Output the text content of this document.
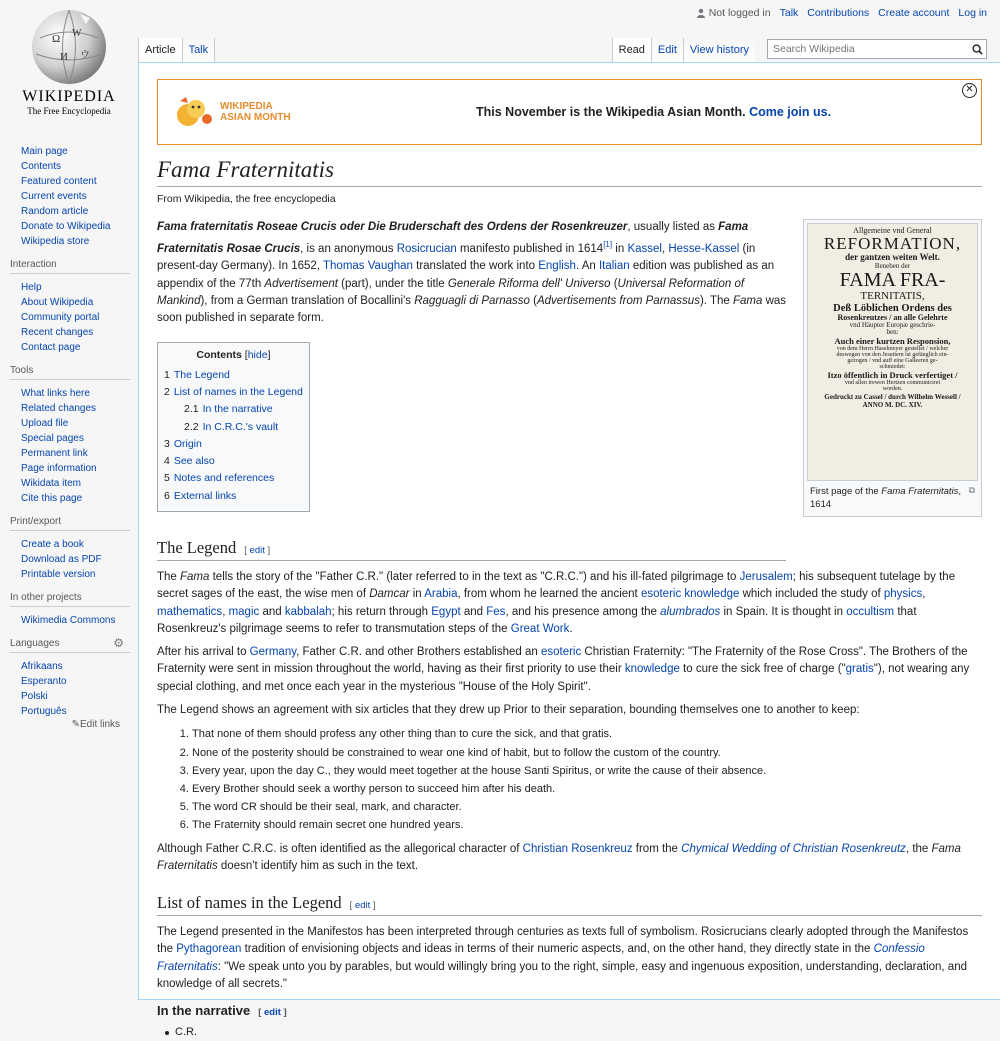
Not logged in Talk Contributions Create account Log in
Ω W
И ウ
WIKIPEDIA
The Free Encyclopedia
Main page
Contents
Featured content
Current events
Random article
Donate to Wikipedia
Wikipedia store
Interaction
Help
About Wikipedia
Community portal
Recent changes
Contact page
Tools
What links here
Related changes
Upload file
Special pages
Permanent link
Page information
Wikidata item
Cite this page
Print/export
Create a book
Download as PDF
Printable version
In other projects
Wikimedia Commons
Languages	⚙
Afrikaans
Esperanto
Polski
Português
✎Edit links
Article	Talk	Read	Edit	View history
Search Wikipedia
WIKIPEDIA
ASIAN MONTH	This November is the Wikipedia Asian Month. Come join us.
✕
Fama Fraternitatis
From Wikipedia, the free encyclopedia
Allgemeine vnd General
REFORMATION,
der gantzen weiten Welt.
Beneben der
FAMA FRA-
TERNITATIS,
Deß Löblichen Ordens des
Rosenkreutzes / an alle Gelehrte
vnd Häupter Europæ geschrie-
ben:
Auch einer kurtzen Responsion,
von dem Herrn Haselmeyer gestellet / welcher
deswegen von den Jesuitern ist gefänglich ein-
gezogen / vnd auff eine Galleeren ge-
schmiedet:
Itzo öffentlich in Druck verfertiget /
vnd allen trewen Hertzen communiciret
worden.
Gedruckt zu Cassel / durch Wilhelm Wessell /
ANNO M. DC. XIV.
First page of the Fama Fraternitatis, 1614
⧉

Fama fraternitatis Roseae Crucis oder Die Bruderschaft des Ordens der Rosenkreuzer, usually listed as Fama Fraternitatis Rosae Crucis, is an anonymous Rosicrucian manifesto published in 1614[1] in Kassel, Hesse-Kassel (in present-day Germany). In 1652, Thomas Vaughan translated the work into English. An Italian edition was published as an appendix of the 77th Advertisement (part), under the title Generale Riforma dell' Universo (Universal Reformation of Mankind), from a German translation of Bocallini's Ragguagli di Parnasso (Advertisements from Parnassus). The Fama was soon published in separate form.

Contents [hide]
1 The Legend
2 List of names in the Legend
2.1 In the narrative
2.2 In C.R.C.'s vault
3 Origin
4 See also
5 Notes and references
6 External links
The Legend [ edit ]

The Fama tells the story of the "Father C.R." (later referred to in the text as "C.R.C.") and his ill-fated pilgrimage to Jerusalem; his subsequent tutelage by the secret sages of the east, the wise men of Damcar in Arabia, from whom he learned the ancient esoteric knowledge which included the study of physics, mathematics, magic and kabbalah; his return through Egypt and Fes, and his presence among the alumbrados in Spain. It is thought in occultism that Rosenkreuz's pilgrimage seems to refer to transmutation steps of the Great Work.

After his arrival to Germany, Father C.R. and other Brothers established an esoteric Christian Fraternity: "The Fraternity of the Rose Cross". The Brothers of the Fraternity were sent in mission throughout the world, having as their first priority to use their knowledge to cure the sick free of charge ("gratis"), not wearing any special clothing, and met once each year in the mysterious "House of the Holy Spirit".

The Legend shows an agreement with six articles that they drew up Prior to their separation, bounding themselves one to another to keep:

1. That none of them should profess any other thing than to cure the sick, and that gratis.
2. None of the posterity should be constrained to wear one kind of habit, but to follow the custom of the country.
3. Every year, upon the day C., they would meet together at the house Santi Spiritus, or write the cause of their absence.
4. Every Brother should seek a worthy person to succeed him after his death.
5. The word CR should be their seal, mark, and character.
6. The Fraternity should remain secret one hundred years.

Although Father C.R.C. is often identified as the allegorical character of Christian Rosenkreuz from the Chymical Wedding of Christian Rosenkreutz, the Fama Fraternitatis doesn't identify him as such in the text.

List of names in the Legend [ edit ]

The Legend presented in the Manifestos has been interpreted through centuries as texts full of symbolism. Rosicrucians clearly adopted through the Manifestos the Pythagorean tradition of envisioning objects and ideas in terms of their numeric aspects, and, on the other hand, they directly state in the Confessio Fraternitatis: "We speak unto you by parables, but would willingly bring you to the right, simple, easy and ingenuous exposition, understanding, declaration, and knowledge of all secrets."

In the narrative [ edit ]
C.R.
